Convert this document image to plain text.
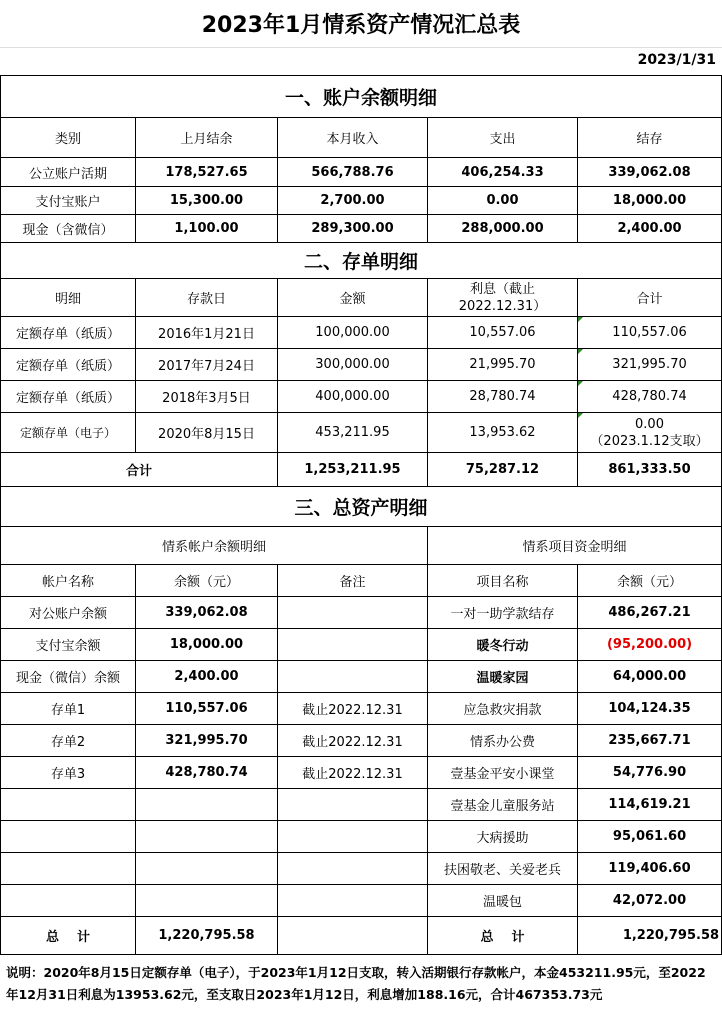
2023年1月情系资产情况汇总表
2023/1/31
一、账户余额明细				
类别	上月结余	本月收入	支出	结存
公立账户活期	178,527.65	566,788.76	406,254.33	339,062.08
支付宝账户	15,300.00	2,700.00	0.00	18,000.00
现金（含微信）	1,100.00	289,300.00	288,000.00	2,400.00
二、存单明细				
明细	存款日	金额	利息（截止2022.12.31）	合计
定额存单（纸质）	2016年1月21日	100,000.00	10,557.06	110,557.06
定额存单（纸质）	2017年7月24日	300,000.00	21,995.70	321,995.70
定额存单（纸质）	2018年3月5日	400,000.00	28,780.74	428,780.74
定额存单（电子）	2020年8月15日	453,211.95	13,953.62	0.00
（2023.1.12支取）

合计		1,253,211.95	75,287.12	861,333.50
三、总资产明细				
情系帐户余额明细			情系项目资金明细	
帐户名称	余额（元）	备注	项目名称	余额（元）
对公账户余额	339,062.08		一对一助学款结存	486,267.21
支付宝余额	18,000.00		暖冬行动	(95,200.00)
现金（微信）余额	2,400.00		温暖家园	64,000.00
存单1	110,557.06	截止2022.12.31	应急救灾捐款	104,124.35
存单2	321,995.70	截止2022.12.31	情系办公费	235,667.71
存单3	428,780.74	截止2022.12.31	壹基金平安小课堂	54,776.90
			壹基金儿童服务站	114,619.21
			大病援助	95,061.60
			扶困敬老、关爱老兵	119,406.60
			温暖包	42,072.00
总    计	1,220,795.58		总    计	1,220,795.58
说明：2020年8月15日定额存单（电子），于2023年1月12日支取，转入活期银行存款帐户，本金453211.95元，至2022年12月31日利息为13953.62元，至支取日2023年1月12日，利息增加188.16元，合计467353.73元
